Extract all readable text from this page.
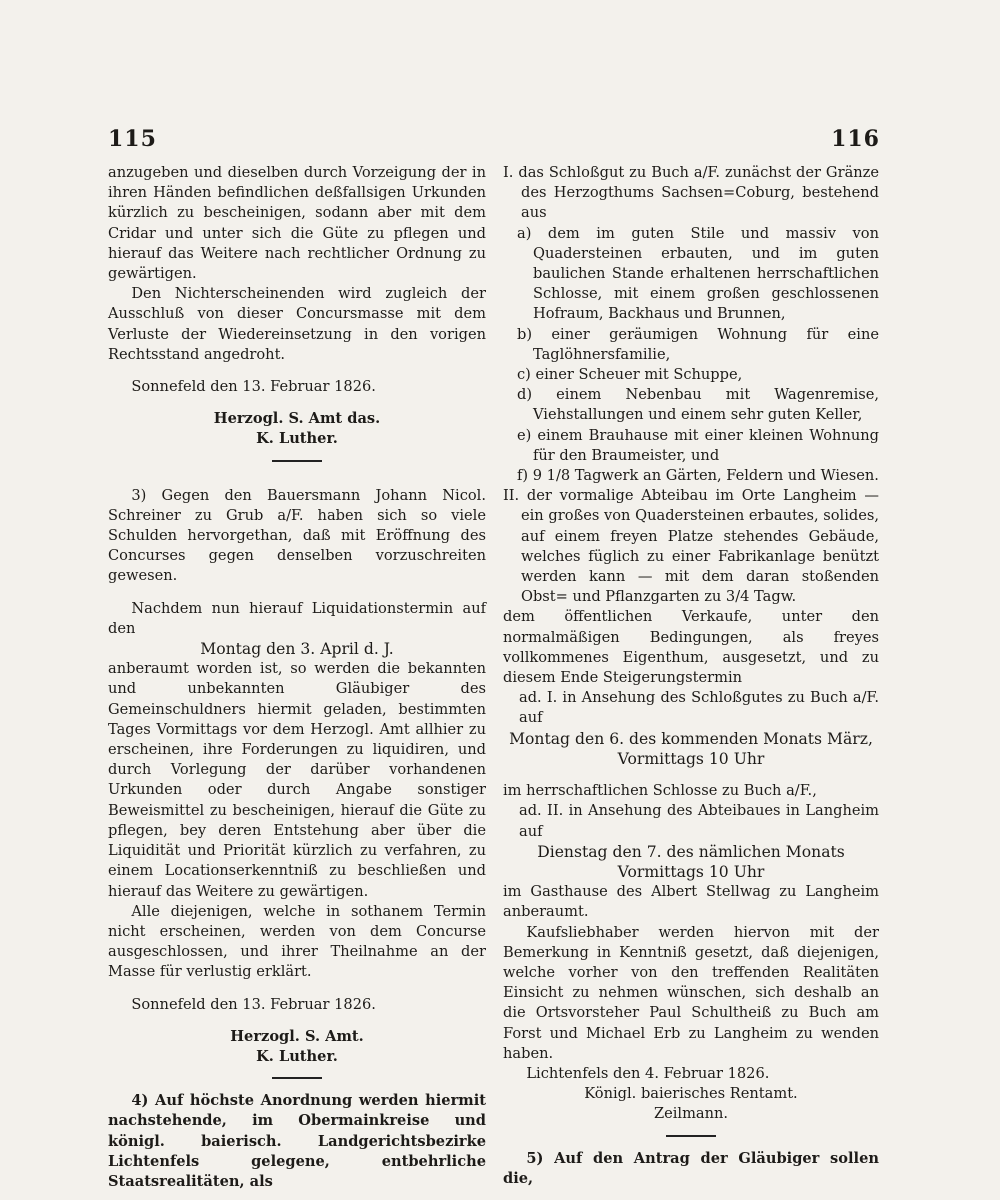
115	116

anzugeben und dieselben durch Vorzeigung der in ihren Händen befindlichen deßfallsigen Urkunden kürzlich zu bescheinigen, sodann aber mit dem Cridar und unter sich die Güte zu pflegen und hierauf das Weitere nach rechtlicher Ordnung zu gewärtigen.

Den Nichterscheinenden wird zugleich der Ausschluß von dieser Concursmasse mit dem Verluste der Wiedereinsetzung in den vorigen Rechtsstand angedroht.

Sonnefeld den 13. Februar 1826.

Herzogl. S. Amt das.

K. Luther.

3) Gegen den Bauersmann Johann Nicol. Schreiner zu Grub a/F. haben sich so viele Schulden hervorgethan, daß mit Eröffnung des Concurses gegen denselben vorzuschreiten gewesen.

Nachdem nun hierauf Liquidationstermin auf den

Montag den 3. April d. J.

anberaumt worden ist, so werden die bekannten und unbekannten Gläubiger des Gemeinschuldners hiermit geladen, bestimmten Tages Vormittags vor dem Herzogl. Amt allhier zu erscheinen, ihre Forderungen zu liquidiren, und durch Vorlegung der darüber vorhandenen Urkunden oder durch Angabe sonstiger Beweismittel zu bescheinigen, hierauf die Güte zu pflegen, bey deren Entstehung aber über die Liquidität und Priorität kürzlich zu verfahren, zu einem Locationserkenntniß zu beschließen und hierauf das Weitere zu gewärtigen.

Alle diejenigen, welche in sothanem Termin nicht erscheinen, werden von dem Concurse ausgeschlossen, und ihrer Theilnahme an der Masse für verlustig erklärt.

Sonnefeld den 13. Februar 1826.

Herzogl. S. Amt.

K. Luther.

4) Auf höchste Anordnung werden hiermit nachstehende, im Obermainkreise und königl. baierisch. Landgerichtsbezirke Lichtenfels gelegene, entbehrliche Staatsrealitäten, als

I. das Schloßgut zu Buch a/F. zunächst der Gränze des Herzogthums Sachsen=Coburg, bestehend aus

a) dem im guten Stile und massiv von Quadersteinen erbauten, und im guten baulichen Stande erhaltenen herrschaftlichen Schlosse, mit einem großen geschlossenen Hofraum, Backhaus und Brunnen,

b) einer geräumigen Wohnung für eine Taglöhnersfamilie,

c) einer Scheuer mit Schuppe,

d) einem Nebenbau mit Wagenremise, Viehstallungen und einem sehr guten Keller,

e) einem Brauhause mit einer kleinen Wohnung für den Braumeister, und

f) 9 1/8 Tagwerk an Gärten, Feldern und Wiesen.

II. der vormalige Abteibau im Orte Langheim — ein großes von Quadersteinen erbautes, solides, auf einem freyen Platze stehendes Gebäude, welches füglich zu einer Fabrikanlage benützt werden kann — mit dem daran stoßenden Obst= und Pflanzgarten zu 3/4 Tagw.

dem öffentlichen Verkaufe, unter den normalmäßigen Bedingungen, als freyes vollkommenes Eigenthum, ausgesetzt, und zu diesem Ende Steigerungstermin

ad. I. in Ansehung des Schloßgutes zu Buch a/F. auf

Montag den 6. des kommenden Monats März,

Vormittags 10 Uhr

im herrschaftlichen Schlosse zu Buch a/F.,

ad. II. in Ansehung des Abteibaues in Langheim auf

Dienstag den 7. des nämlichen Monats

Vormittags 10 Uhr

im Gasthause des Albert Stellwag zu Langheim anberaumt.

Kaufsliebhaber werden hiervon mit der Bemerkung in Kenntniß gesetzt, daß diejenigen, welche vorher von den treffenden Realitäten Einsicht zu nehmen wünschen, sich deshalb an die Ortsvorsteher Paul Schultheiß zu Buch am Forst und Michael Erb zu Langheim zu wenden haben.

Lichtenfels den 4. Februar 1826.

Königl. baierisches Rentamt.

Zeilmann.

5) Auf den Antrag der Gläubiger sollen die,
